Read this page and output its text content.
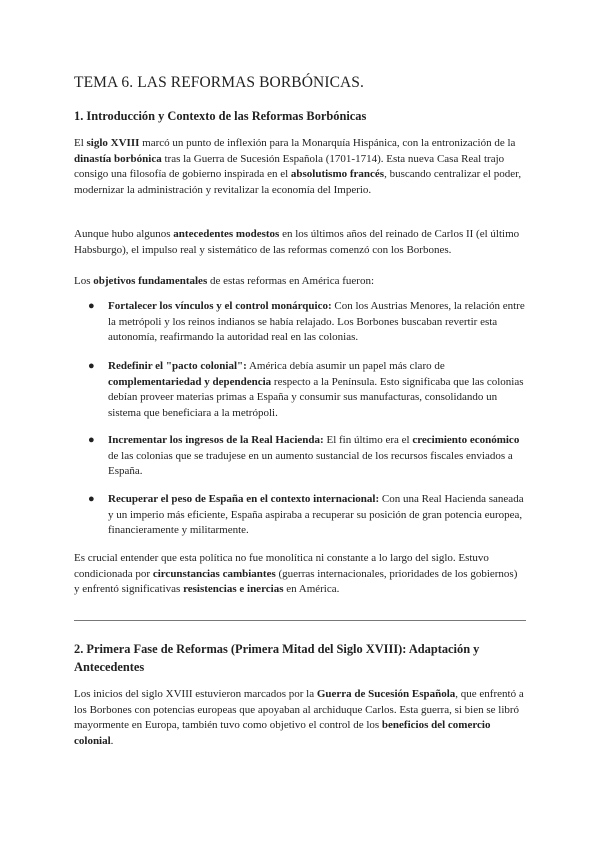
TEMA 6. LAS REFORMAS BORBÓNICAS.
1. Introducción y Contexto de las Reformas Borbónicas

El siglo XVIII marcó un punto de inflexión para la Monarquía Hispánica, con la entronización de la dinastía borbónica tras la Guerra de Sucesión Española (1701-1714). Esta nueva Casa Real trajo consigo una filosofía de gobierno inspirada en el absolutismo francés, buscando centralizar el poder, modernizar la administración y revitalizar la economía del Imperio.

Aunque hubo algunos antecedentes modestos en los últimos años del reinado de Carlos II (el último Habsburgo), el impulso real y sistemático de las reformas comenzó con los Borbones.

Los objetivos fundamentales de estas reformas en América fueron:

● Fortalecer los vínculos y el control monárquico: Con los Austrias Menores, la relación entre la metrópoli y los reinos indianos se había relajado. Los Borbones buscaban revertir esta autonomía, reafirmando la autoridad real en las colonias.
● Redefinir el "pacto colonial": América debía asumir un papel más claro de complementariedad y dependencia respecto a la Península. Esto significaba que las colonias debían proveer materias primas a España y consumir sus manufacturas, consolidando un sistema que beneficiara a la metrópoli.
● Incrementar los ingresos de la Real Hacienda: El fin último era el crecimiento económico de las colonias que se tradujese en un aumento sustancial de los recursos fiscales enviados a España.
● Recuperar el peso de España en el contexto internacional: Con una Real Hacienda saneada y un imperio más eficiente, España aspiraba a recuperar su posición de gran potencia europea, financieramente y militarmente.

Es crucial entender que esta política no fue monolítica ni constante a lo largo del siglo. Estuvo condicionada por circunstancias cambiantes (guerras internacionales, prioridades de los gobiernos) y enfrentó significativas resistencias e inercias en América.

2. Primera Fase de Reformas (Primera Mitad del Siglo XVIII): Adaptación y Antecedentes

Los inicios del siglo XVIII estuvieron marcados por la Guerra de Sucesión Española, que enfrentó a los Borbones con potencias europeas que apoyaban al archiduque Carlos. Esta guerra, si bien se libró mayormente en Europa, también tuvo como objetivo el control de los beneficios del comercio colonial.
